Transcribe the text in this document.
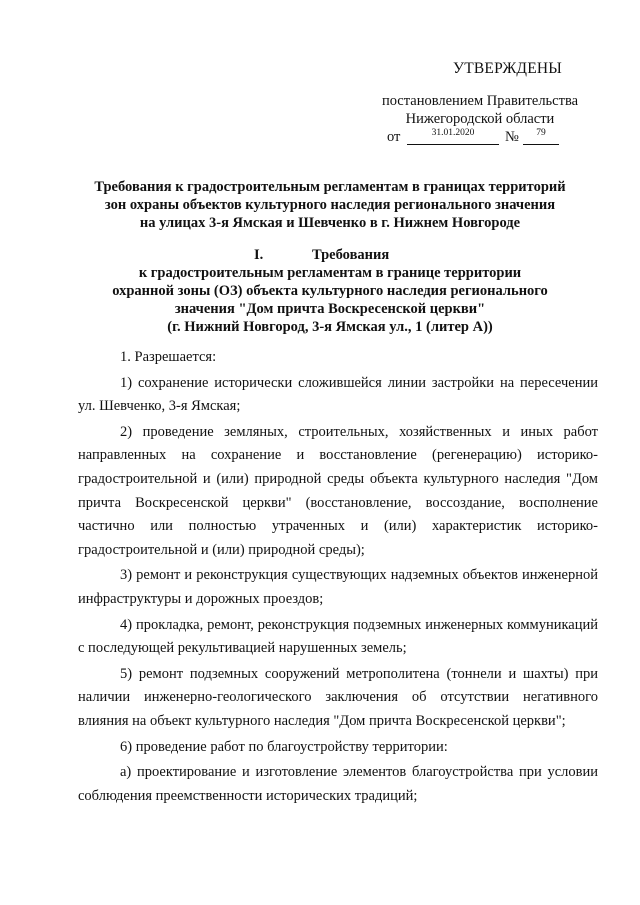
УТВЕРЖДЕНЫ
постановлением Правительства
Нижегородской области
от	31.01.2020	№	79
Требования к градостроительным регламентам в границах территорий
зон охраны объектов культурного наследия регионального значения
на улицах 3-я Ямская и Шевченко в г. Нижнем Новгороде
I.	Требования
к градостроительным регламентам в границе территории
охранной зоны (ОЗ) объекта культурного наследия регионального
значения "Дом причта Воскресенской церкви"
(г. Нижний Новгород, 3-я Ямская ул., 1 (литер А))

1. Разрешается:

1) сохранение исторически сложившейся линии застройки на пересечении ул. Шевченко, 3-я Ямская;

2) проведение земляных, строительных, хозяйственных и иных работ направленных на сохранение и восстановление (регенерацию) историко-градостроительной и (или) природной среды объекта культурного наследия "Дом причта Воскресенской церкви" (восстановление, воссоздание, восполнение частично или полностью утраченных и (или) характеристик историко-градостроительной и (или) природной среды);

3) ремонт и реконструкция существующих надземных объектов инженерной инфраструктуры и дорожных проездов;

4) прокладка, ремонт, реконструкция подземных инженерных коммуникаций с последующей рекультивацией нарушенных земель;

5) ремонт подземных сооружений метрополитена (тоннели и шахты) при наличии инженерно-геологического заключения об отсутствии негативного влияния на объект культурного наследия "Дом причта Воскресенской церкви";

6) проведение работ по благоустройству территории:

а) проектирование и изготовление элементов благоустройства при условии соблюдения преемственности исторических традиций;
